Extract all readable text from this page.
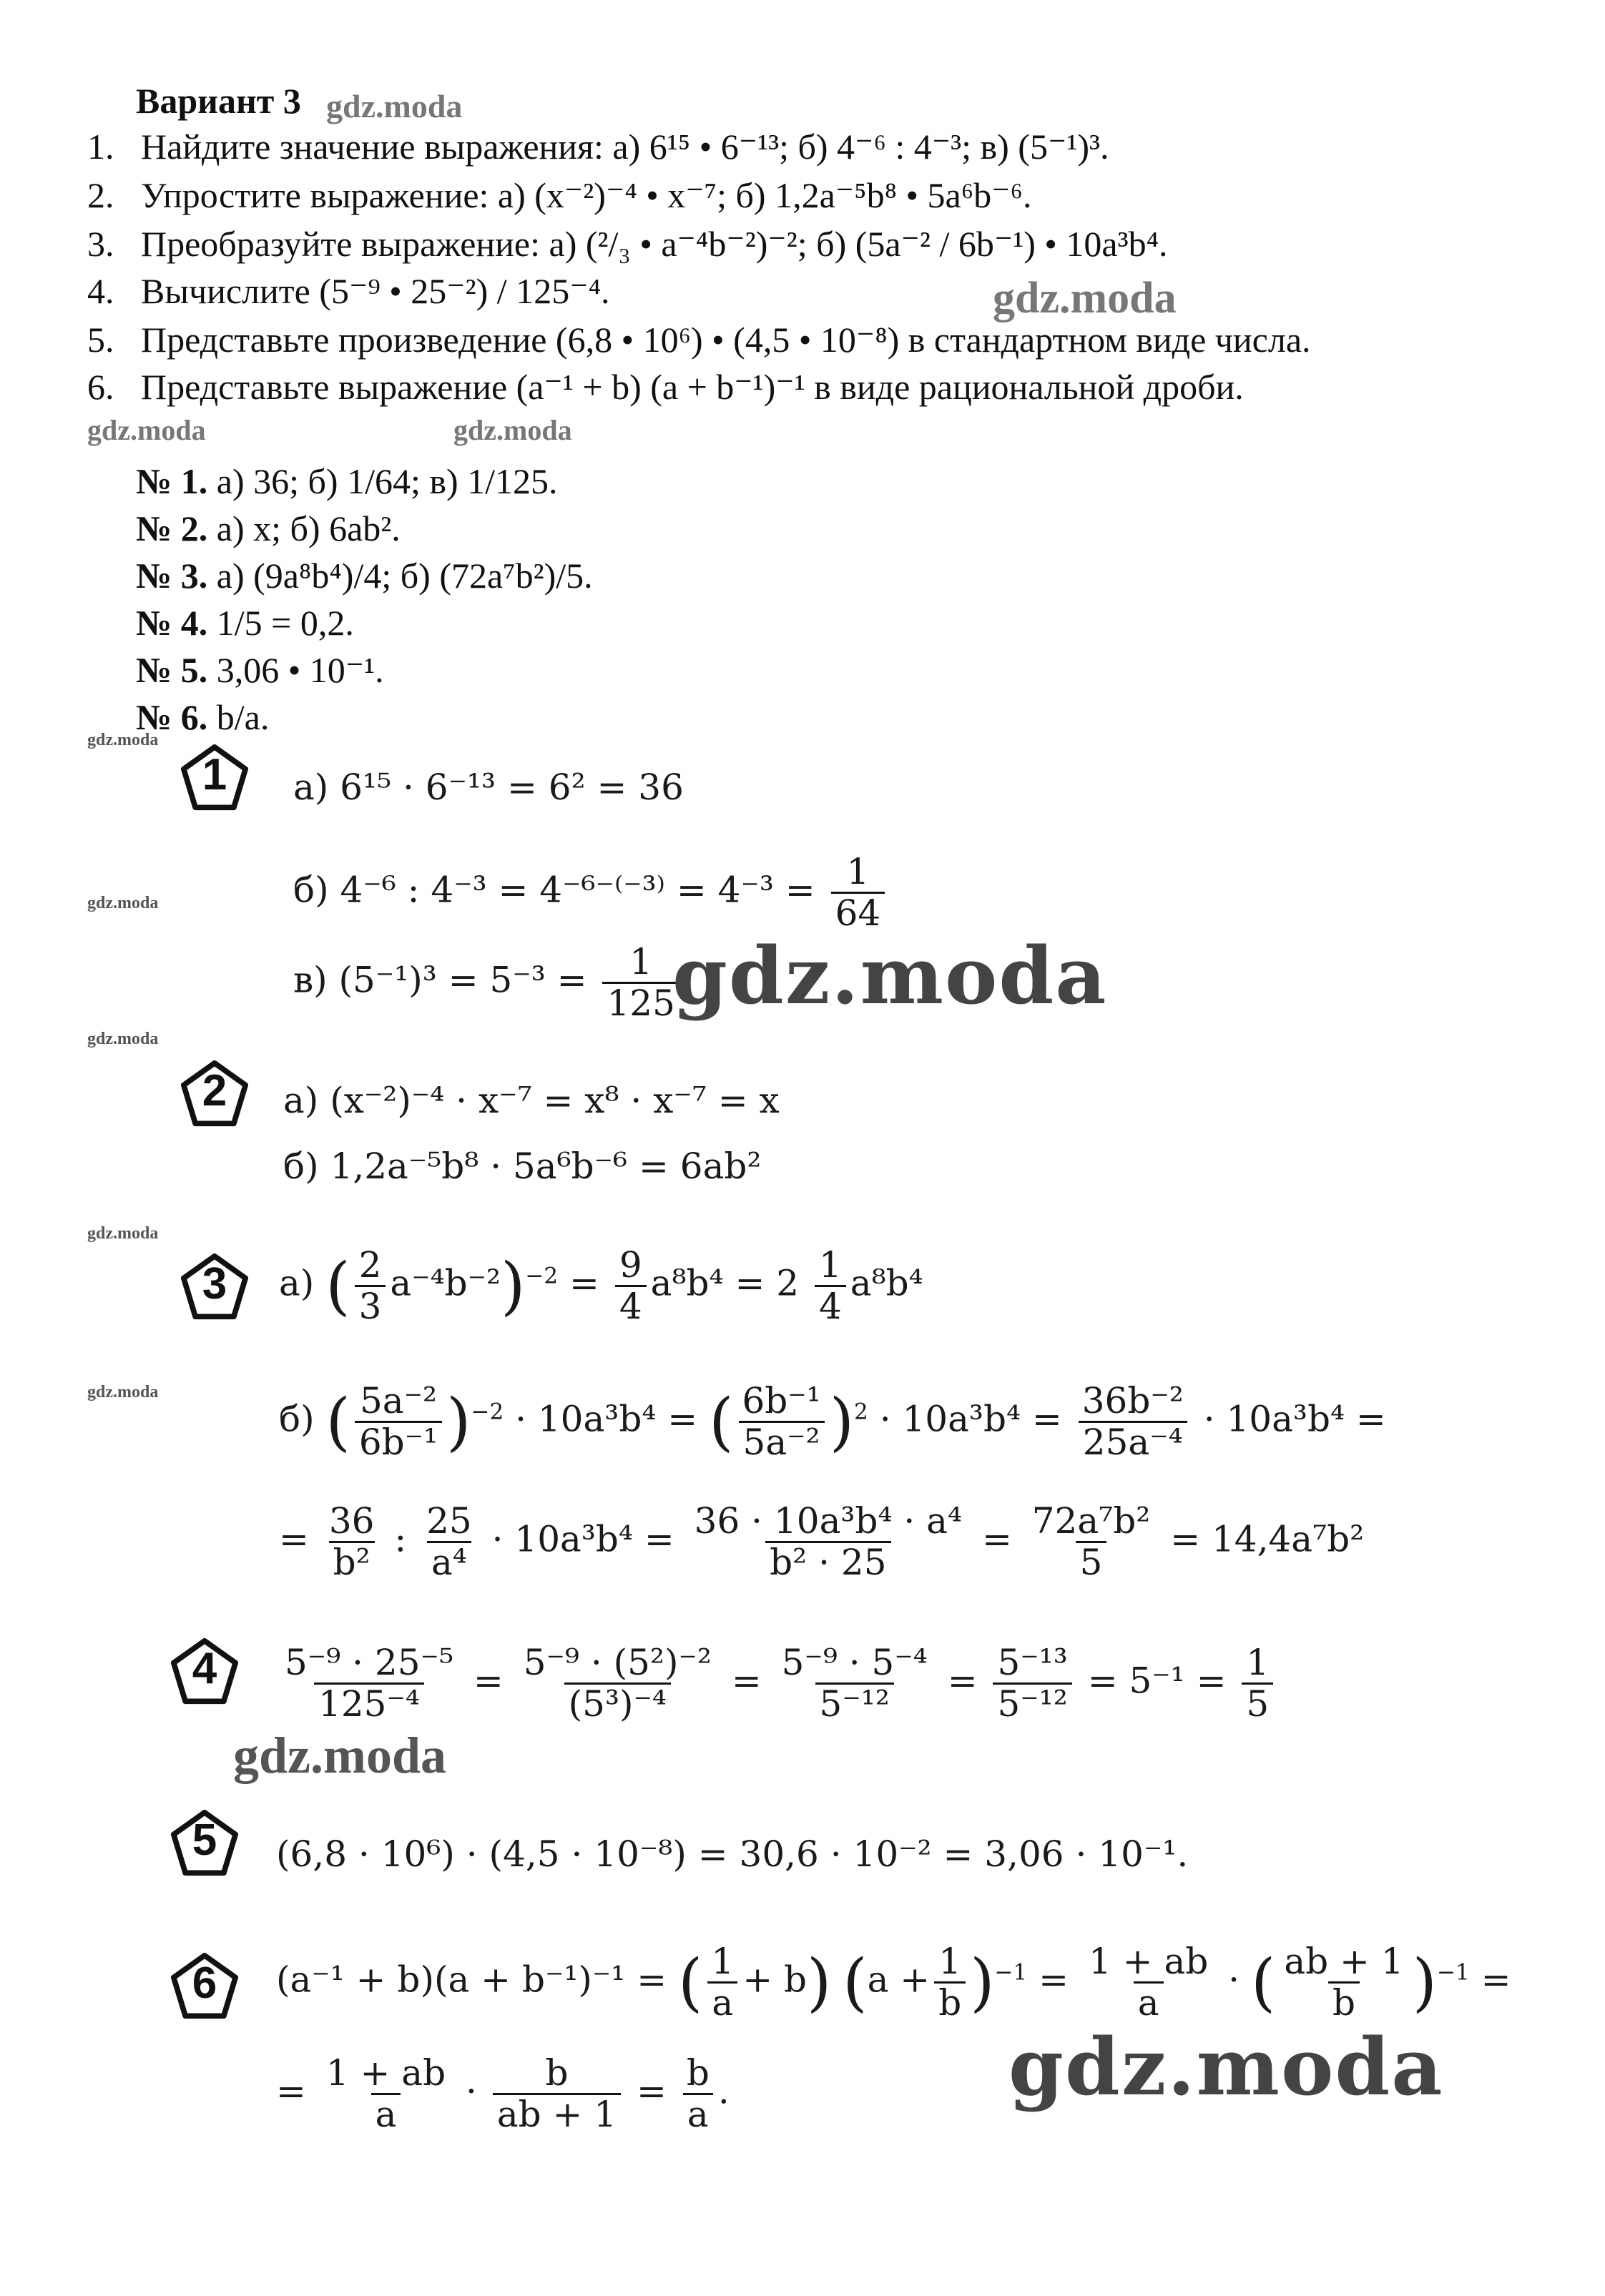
Вариант 3
1. Найдите значение выражения: а) 6¹⁵ • 6⁻¹³; б) 4⁻⁶ : 4⁻³; в) (5⁻¹)³.
2. Упростите выражение: а) (x⁻²)⁻⁴ • x⁻⁷; б) 1,2a⁻⁵b⁸ • 5a⁶b⁻⁶.
3. Преобразуйте выражение: а) (²/₃ • a⁻⁴b⁻²)⁻²; б) (5a⁻² / 6b⁻¹) • 10a³b⁴.
4. Вычислите (5⁻⁹ • 25⁻²) / 125⁻⁴.
5. Представьте произведение (6,8 • 10⁶) • (4,5 • 10⁻⁸) в стандартном виде числа.
6. Представьте выражение (a⁻¹ + b) (a + b⁻¹)⁻¹ в виде рациональной дроби.
№ 1. а) 36; б) 1/64; в) 1/125.
№ 2. а) x; б) 6ab².
№ 3. а) (9a⁸b⁴)/4; б) (72a⁷b²)/5.
№ 4. 1/5 = 0,2.
№ 5. 3,06 • 10⁻¹.
№ 6. b/a.
1
2
3
4
5
6
а) 6¹⁵ · 6⁻¹³ = 6² = 36
б) 4⁻⁶ : $4^{-3} = 4^{-6-(-3)} = 4^{-3} = \frac{1}{64}$
в) $(5^{-1})^3 = 5^{-3} = \frac{1}{125}$
а) (x⁻²)⁻⁴ · x⁻⁷ = x⁸ · x⁻⁷ = x
б) 1,2a⁻⁵b⁸ · 5a⁶b⁻⁶ = 6ab²
а) ( $\frac{2}{3} a^{-4}b^{-2})^{-2} = \frac{9}{4} a^8b^4 = 2 \frac{1}{4} a^8b^4$
б) ( $\frac{\text{5a⁻²}}{\text{6b⁻¹}} )^{-2} \cdot 10a^3b^4$ = ( $\frac{\text{6b⁻¹}}{\text{5a⁻²}} )^2 \cdot 10a^3b^4 = \frac{\text{36b⁻²}}{\text{25a⁻⁴}} \cdot 10a^3b^4$ =
= $\frac{36}{\text{b²}}$ : $\frac{25}{\text{a⁴}} \cdot 10a^3b^4 = \frac{\text{36 · 10a³b⁴ · a⁴}}{\text{b² · 25}} = \frac{\text{72a⁷b²}}{5} = 14,4a^7b^2$
$\frac{\text{5⁻⁹ · 25⁻⁵}}{\text{125⁻⁴}} = \frac{\text{5⁻⁹ · (5²)⁻²}}{\text{(5³)⁻⁴}} = \frac{\text{5⁻⁹ · 5⁻⁴}}{\text{5⁻¹²}} = \frac{\text{5⁻¹³}}{\text{5⁻¹²}} = 5^{-1} = \frac{1}{5}$
(6,8 · 10⁶) · (4,5 · 10⁻⁸) = 30,6 · 10⁻² = 3,06 · 10⁻¹.
(a⁻¹ + b)(a + b⁻¹)⁻¹ = ( $\frac{1}{a} + b$) $(a + \frac{1}{b} )^{-1} = \frac{1 + ab}{a}$ · ( $\frac{ab + 1}{b} )^{-1}$ =
= $\frac{1 + ab}{a} \cdot \frac{b}{ab + 1} = \frac{b}{a}$ .
gdz.moda
gdz.moda
gdz.moda	gdz.moda
gdz.moda
gdz.moda
gdz.moda
gdz.moda
gdz.moda
gdz.moda
gdz.moda
gdz.moda
